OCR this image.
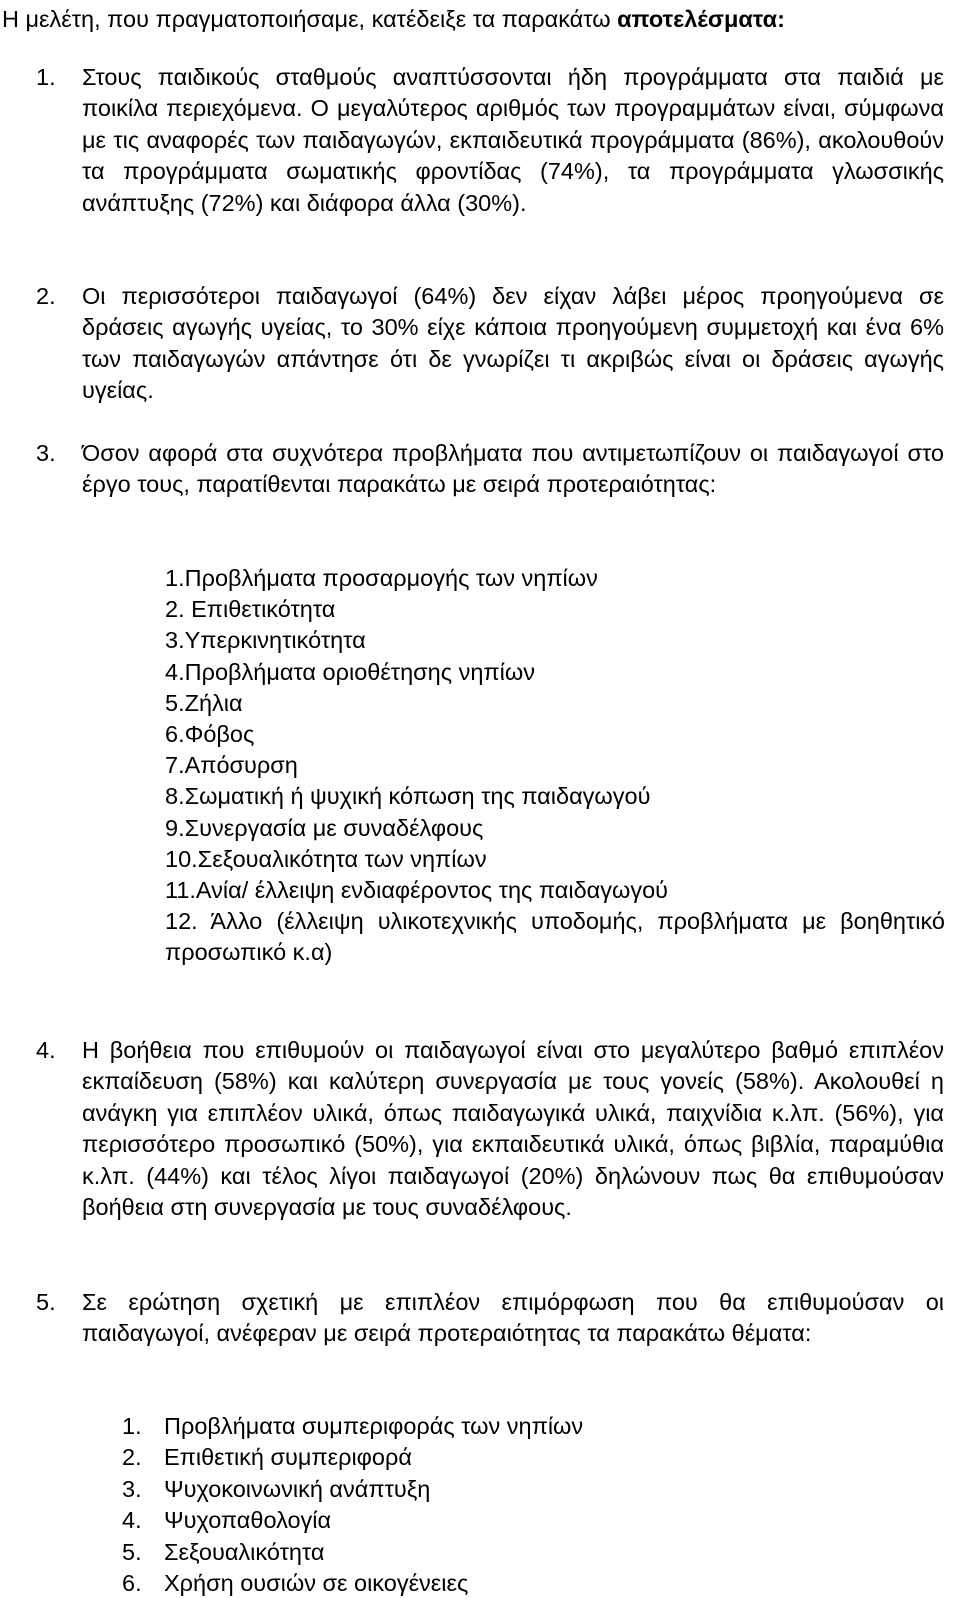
Η μελέτη, που πραγματοποιήσαμε, κατέδειξε τα παρακάτω αποτελέσματα:
1.	Στους παιδικούς σταθμούς αναπτύσσονται ήδη προγράμματα στα παιδιά με ποικίλα περιεχόμενα. Ο μεγαλύτερος αριθμός των προγραμμάτων είναι, σύμφωνα με τις αναφορές των παιδαγωγών, εκπαιδευτικά προγράμματα (86%), ακολουθούν τα προγράμματα σωματικής φροντίδας (74%), τα προγράμματα γλωσσικής ανάπτυξης (72%) και διάφορα άλλα (30%).
2.	Οι περισσότεροι παιδαγωγοί (64%) δεν είχαν λάβει μέρος προηγούμενα σε δράσεις αγωγής υγείας, το 30% είχε κάποια προηγούμενη συμμετοχή και ένα 6% των παιδαγωγών απάντησε ότι δε γνωρίζει τι ακριβώς είναι οι δράσεις αγωγής υγείας.
3.	Όσον αφορά στα συχνότερα προβλήματα που αντιμετωπίζουν οι παιδαγωγοί στο έργο τους, παρατίθενται παρακάτω με σειρά προτεραιότητας:
1.Προβλήματα προσαρμογής των νηπίων
2. Επιθετικότητα
3.Υπερκινητικότητα
4.Προβλήματα οριοθέτησης νηπίων
5.Ζήλια
6.Φόβος
7.Απόσυρση
8.Σωματική ή ψυχική κόπωση της παιδαγωγού
9.Συνεργασία με συναδέλφους
10.Σεξουαλικότητα των νηπίων
11.Ανία/ έλλειψη ενδιαφέροντος της παιδαγωγού
12. Άλλο (έλλειψη υλικοτεχνικής υποδομής, προβλήματα με βοηθητικό προσωπικό κ.α)
4.	Η βοήθεια που επιθυμούν οι παιδαγωγοί είναι στο μεγαλύτερο βαθμό επιπλέον εκπαίδευση (58%) και καλύτερη συνεργασία με τους γονείς (58%). Ακολουθεί η ανάγκη για επιπλέον υλικά, όπως παιδαγωγικά υλικά, παιχνίδια κ.λπ. (56%), για περισσότερο προσωπικό (50%), για εκπαιδευτικά υλικά, όπως βιβλία, παραμύθια κ.λπ. (44%) και τέλος λίγοι παιδαγωγοί (20%) δηλώνουν πως θα επιθυμούσαν βοήθεια στη συνεργασία με τους συναδέλφους.
5.	Σε ερώτηση σχετική με επιπλέον επιμόρφωση που θα επιθυμούσαν οι παιδαγωγοί, ανέφεραν με σειρά προτεραιότητας τα παρακάτω θέματα:
1. Προβλήματα συμπεριφοράς των νηπίων
2. Επιθετική συμπεριφορά
3. Ψυχοκοινωνική ανάπτυξη
4. Ψυχοπαθολογία
5. Σεξουαλικότητα
6. Χρήση ουσιών σε οικογένειες
